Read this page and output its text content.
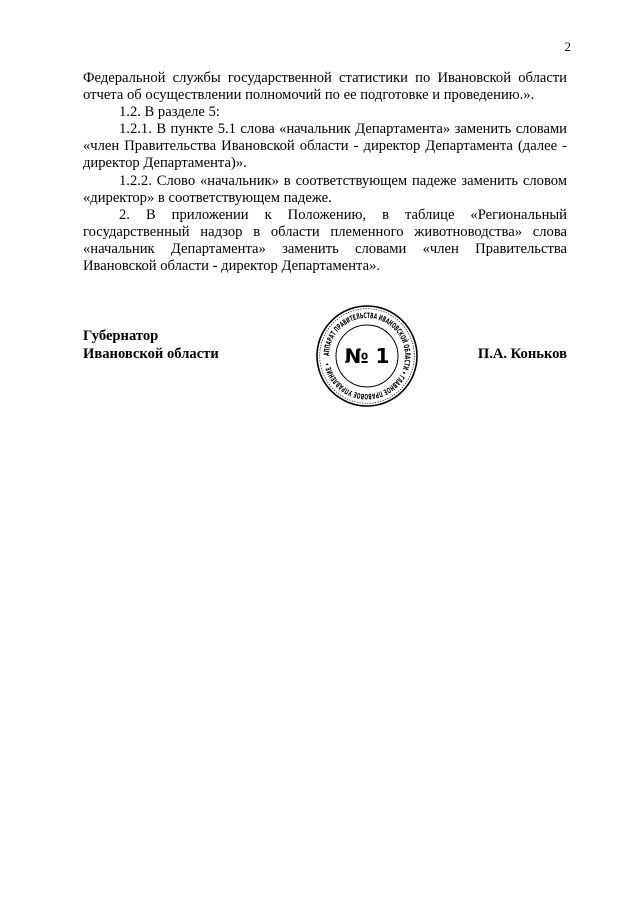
2

Федеральной службы государственной статистики по Ивановской области отчета об осуществлении полномочий по ее подготовке и проведению.».

1.2. В разделе 5:

1.2.1. В пункте 5.1 слова «начальник Департамента» заменить словами «член Правительства Ивановской области - директор Департамента (далее - директор Департамента)».

1.2.2. Слово «начальник» в соответствующем падеже заменить словом «директор» в соответствующем падеже.

2. В приложении к Положению, в таблице «Региональный государственный надзор в области племенного животноводства» слова «начальник Департамента» заменить словами «член Правительства Ивановской области - директор Департамента».

Губернатор
Ивановской области	АППАРАТ ПРАВИТЕЛЬСТВА ИВАНОВСКОЙ ОБЛАСТИ • ГЛАВНОЕ ПРАВОВОЕ УПРАВЛЕНИЕ • № 1	П.А. Коньков
